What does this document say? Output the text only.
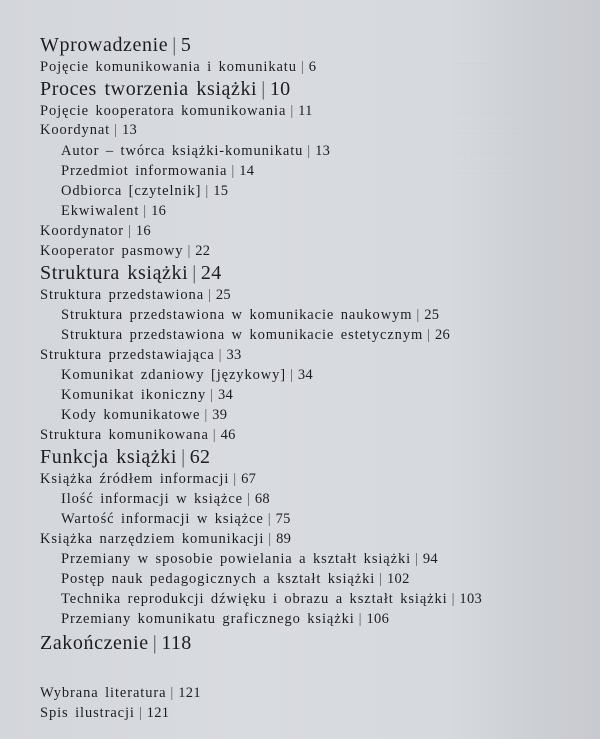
·········
···· ······ ··
······ ······ ··
··· ······ ····
······· ·······
Wprowadzenie | 5
Pojęcie komunikowania i komunikatu | 6
Proces tworzenia książki | 10
Pojęcie kooperatora komunikowania | 11
Koordynat | 13
Autor – twórca książki-komunikatu | 13
Przedmiot informowania | 14
Odbiorca [czytelnik] | 15
Ekwiwalent | 16
Koordynator | 16
Kooperator pasmowy | 22
Struktura książki | 24
Struktura przedstawiona | 25
Struktura przedstawiona w komunikacie naukowym | 25
Struktura przedstawiona w komunikacie estetycznym | 26
Struktura przedstawiająca | 33
Komunikat zdaniowy [językowy] | 34
Komunikat ikoniczny | 34
Kody komunikatowe | 39
Struktura komunikowana | 46
Funkcja książki | 62
Książka źródłem informacji | 67
Ilość informacji w książce | 68
Wartość informacji w książce | 75
Książka narzędziem komunikacji | 89
Przemiany w sposobie powielania a kształt książki | 94
Postęp nauk pedagogicznych a kształt książki | 102
Technika reprodukcji dźwięku i obrazu a kształt książki | 103
Przemiany komunikatu graficznego książki | 106
Zakończenie | 118
Wybrana literatura | 121
Spis ilustracji | 121
